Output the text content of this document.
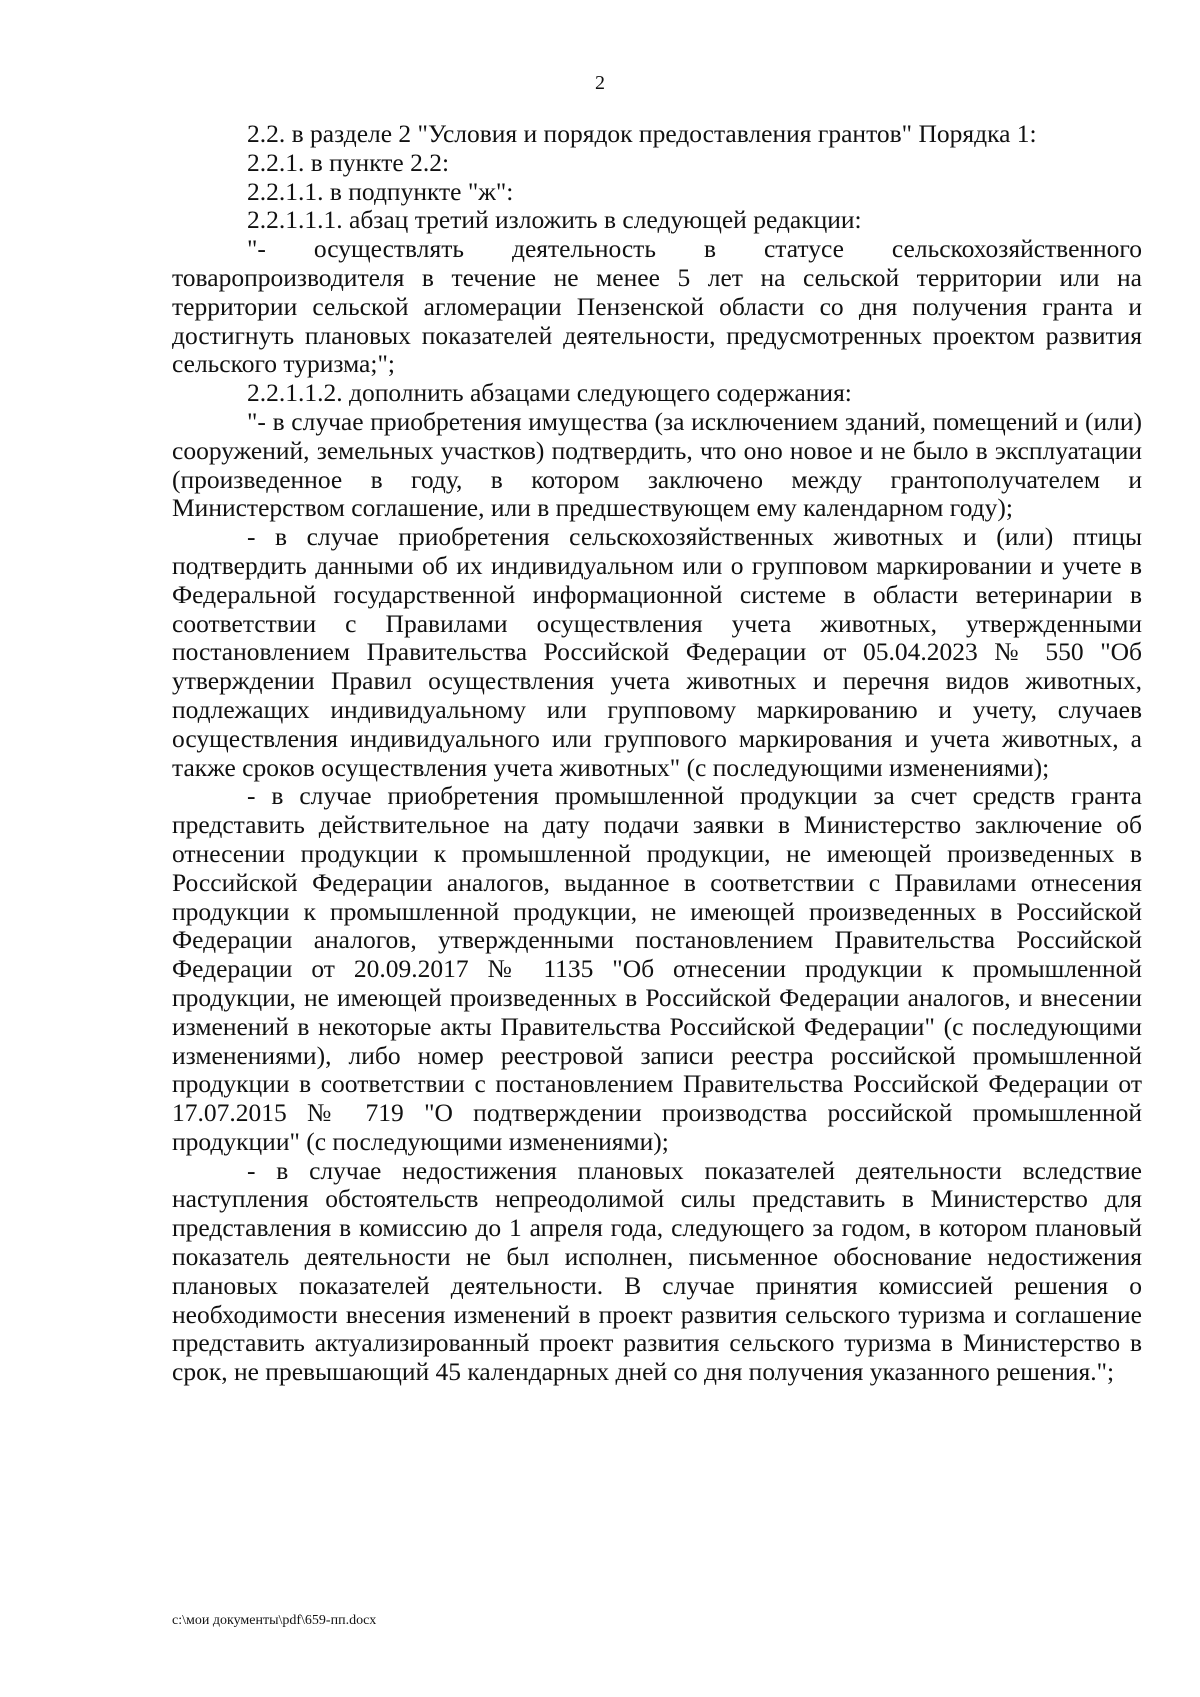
2

2.2. в разделе 2 "Условия и порядок предоставления грантов" Порядка 1:

2.2.1. в пункте 2.2:

2.2.1.1. в подпункте "ж":

2.2.1.1.1. абзац третий изложить в следующей редакции:

"- осуществлять деятельность в статусе сельскохозяйственного товаропроизводителя в течение не менее 5 лет на сельской территории или на территории сельской агломерации Пензенской области со дня получения гранта и достигнуть плановых показателей деятельности, предусмотренных проектом развития сельского туризма;";

2.2.1.1.2. дополнить абзацами следующего содержания:

"- в случае приобретения имущества (за исключением зданий, помещений и (или) сооружений, земельных участков) подтвердить, что оно новое и не было в эксплуатации (произведенное в году, в котором заключено между грантополучателем и Министерством соглашение, или в предшествующем ему календарном году);

- в случае приобретения сельскохозяйственных животных и (или) птицы подтвердить данными об их индивидуальном или о групповом маркировании и учете в Федеральной государственной информационной системе в области ветеринарии в соответствии с Правилами осуществления учета животных, утвержденными постановлением Правительства Российской Федерации от 05.04.2023 № 550 "Об утверждении Правил осуществления учета животных и перечня видов животных, подлежащих индивидуальному или групповому маркированию и учету, случаев осуществления индивидуального или группового маркирования и учета животных, а также сроков осуществления учета животных" (с последующими изменениями);

- в случае приобретения промышленной продукции за счет средств гранта представить действительное на дату подачи заявки в Министерство заключение об отнесении продукции к промышленной продукции, не имеющей произведенных в Российской Федерации аналогов, выданное в соответствии с Правилами отнесения продукции к промышленной продукции, не имеющей произведенных в Российской Федерации аналогов, утвержденными постановлением Правительства Российской Федерации от 20.09.2017 № 1135 "Об отнесении продукции к промышленной продукции, не имеющей произведенных в Российской Федерации аналогов, и внесении изменений в некоторые акты Правительства Российской Федерации" (с последующими изменениями), либо номер реестровой записи реестра российской промышленной продукции в соответствии с постановлением Правительства Российской Федерации от 17.07.2015 № 719 "О подтверждении производства российской промышленной продукции" (с последующими изменениями);

- в случае недостижения плановых показателей деятельности вследствие наступления обстоятельств непреодолимой силы представить в Министерство для представления в комиссию до 1 апреля года, следующего за годом, в котором плановый показатель деятельности не был исполнен, письменное обоснование недостижения плановых показателей деятельности. В случае принятия комиссией решения о необходимости внесения изменений в проект развития сельского туризма и соглашение представить актуализированный проект развития сельского туризма в Министерство в срок, не превышающий 45 календарных дней со дня получения указанного решения.";

c:\мои документы\pdf\659-пп.docx
